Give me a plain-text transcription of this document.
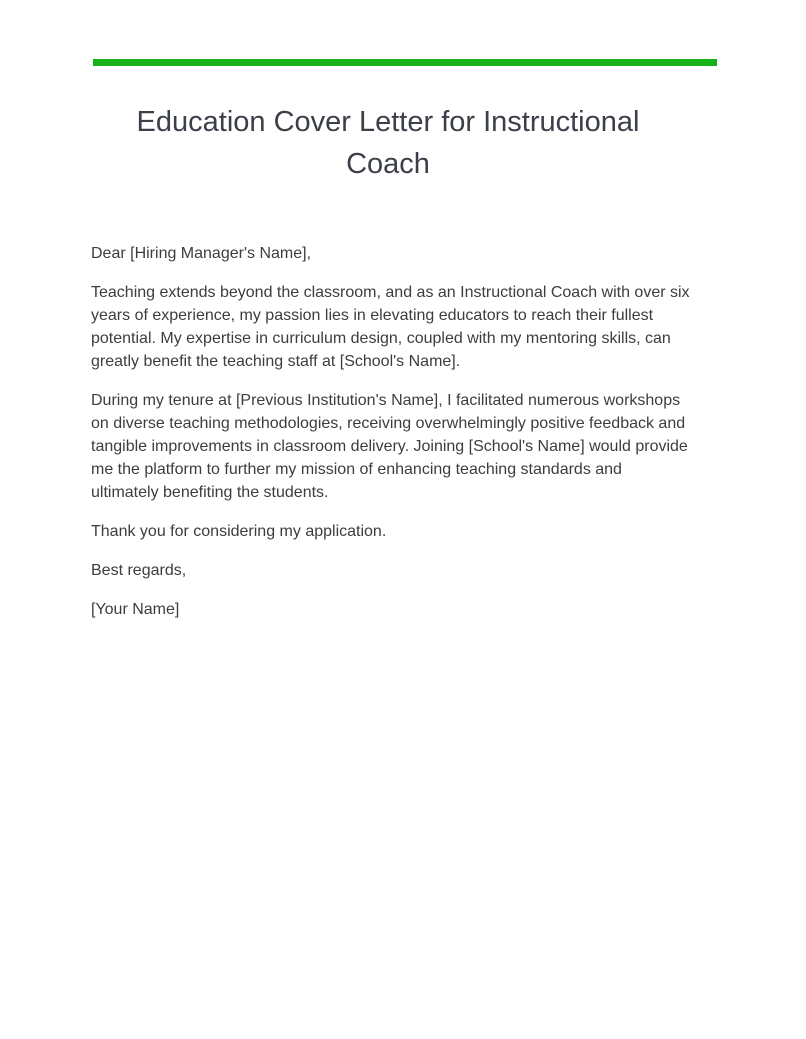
Education Cover Letter for Instructional Coach

Dear [Hiring Manager's Name],

Teaching extends beyond the classroom, and as an Instructional Coach with over six years of experience, my passion lies in elevating educators to reach their fullest potential. My expertise in curriculum design, coupled with my mentoring skills, can greatly benefit the teaching staff at [School's Name].

During my tenure at [Previous Institution's Name], I facilitated numerous workshops on diverse teaching methodologies, receiving overwhelmingly positive feedback and tangible improvements in classroom delivery. Joining [School's Name] would provide me the platform to further my mission of enhancing teaching standards and ultimately benefiting the students.

Thank you for considering my application.

Best regards,

[Your Name]
